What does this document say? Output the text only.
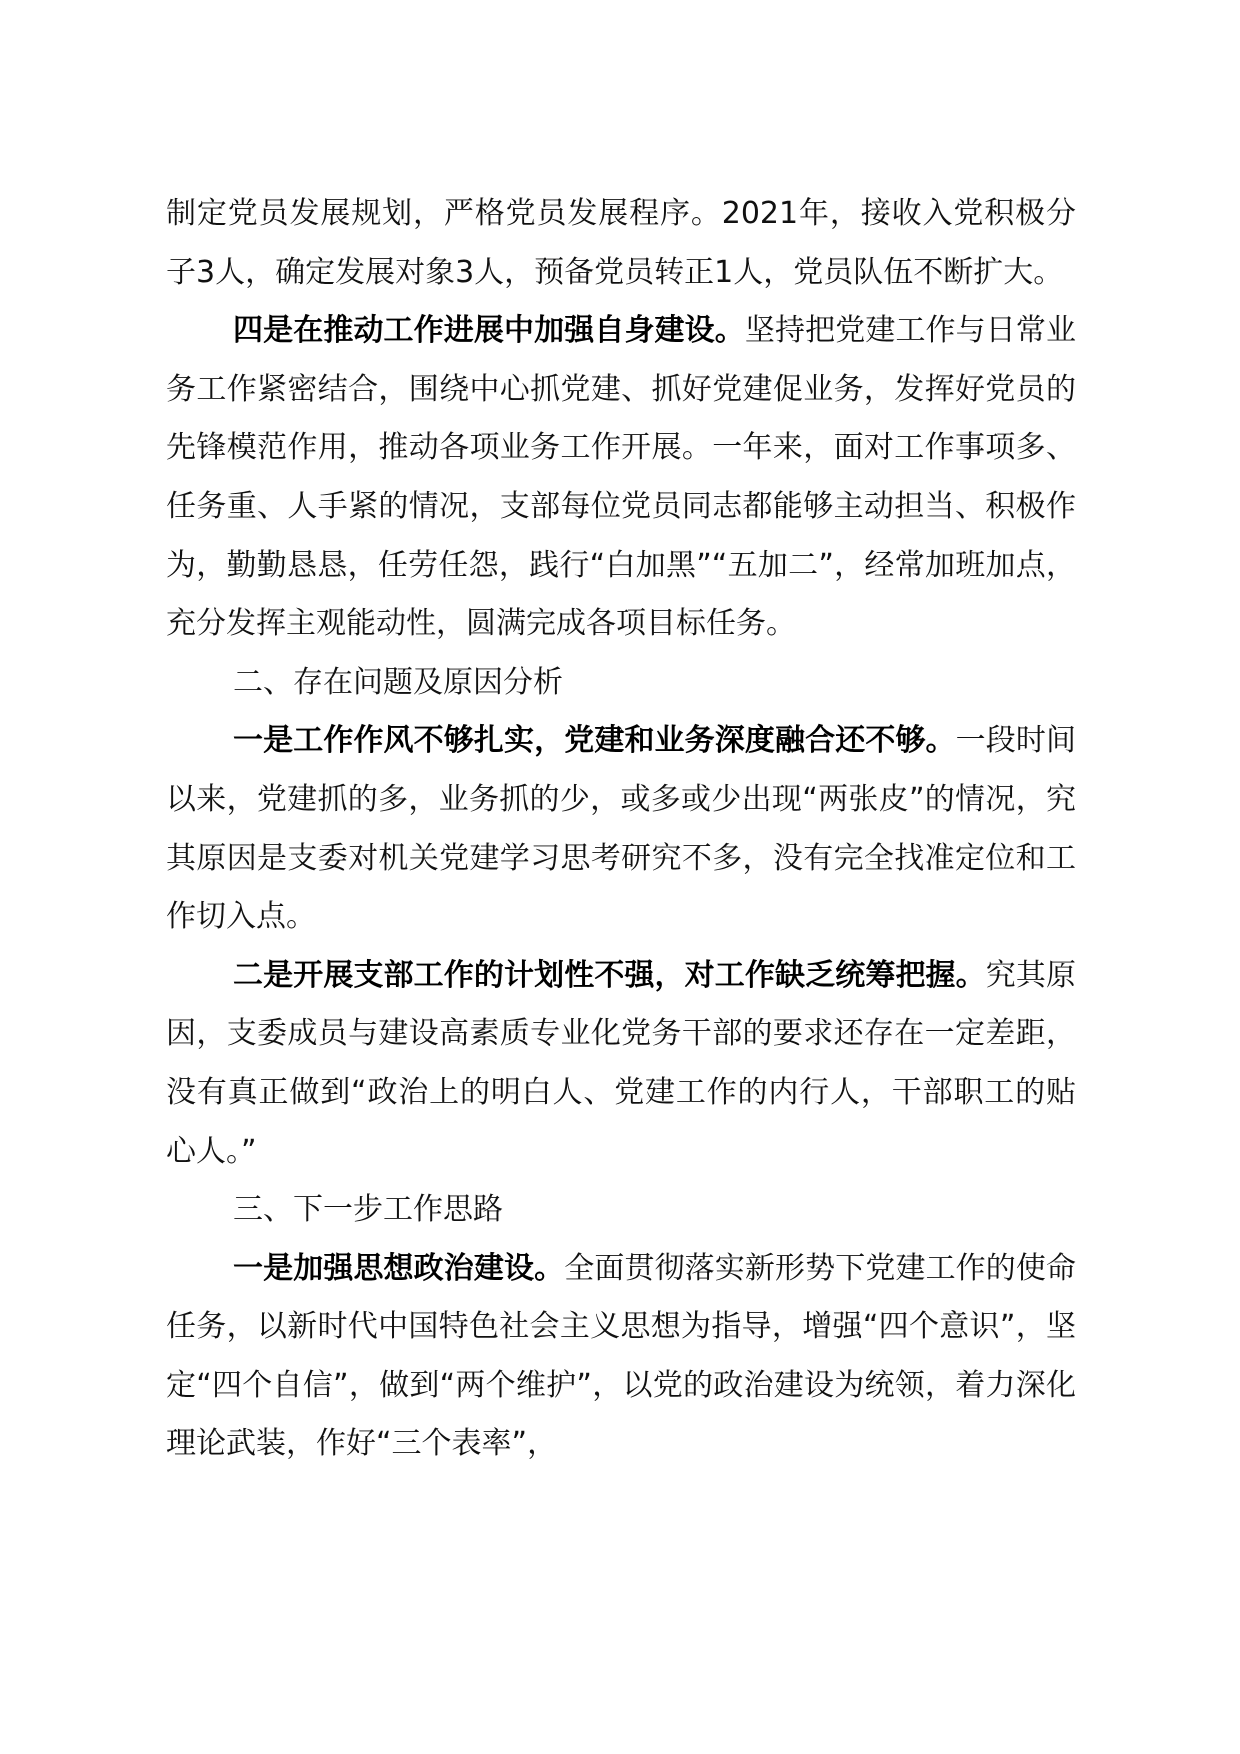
制定党员发展规划，严格党员发展程序。2021年，接收入党积极分子3人，确定发展对象3人，预备党员转正1人，党员队伍不断扩大。

四是在推动工作进展中加强自身建设。坚持把党建工作与日常业务工作紧密结合，围绕中心抓党建、抓好党建促业务，发挥好党员的先锋模范作用，推动各项业务工作开展。一年来，面对工作事项多、任务重、人手紧的情况，支部每位党员同志都能够主动担当、积极作为，勤勤恳恳，任劳任怨，践行“白加黑”“五加二”，经常加班加点，充分发挥主观能动性，圆满完成各项目标任务。

二、存在问题及原因分析

一是工作作风不够扎实，党建和业务深度融合还不够。一段时间以来，党建抓的多，业务抓的少，或多或少出现“两张皮”的情况，究其原因是支委对机关党建学习思考研究不多，没有完全找准定位和工作切入点。

二是开展支部工作的计划性不强，对工作缺乏统筹把握。究其原因，支委成员与建设高素质专业化党务干部的要求还存在一定差距，没有真正做到“政治上的明白人、党建工作的内行人，干部职工的贴心人。”

三、下一步工作思路

一是加强思想政治建设。全面贯彻落实新形势下党建工作的使命任务，以新时代中国特色社会主义思想为指导，增强“四个意识”，坚定“四个自信”，做到“两个维护”，以党的政治建设为统领，着力深化理论武装，作好“三个表率”，
